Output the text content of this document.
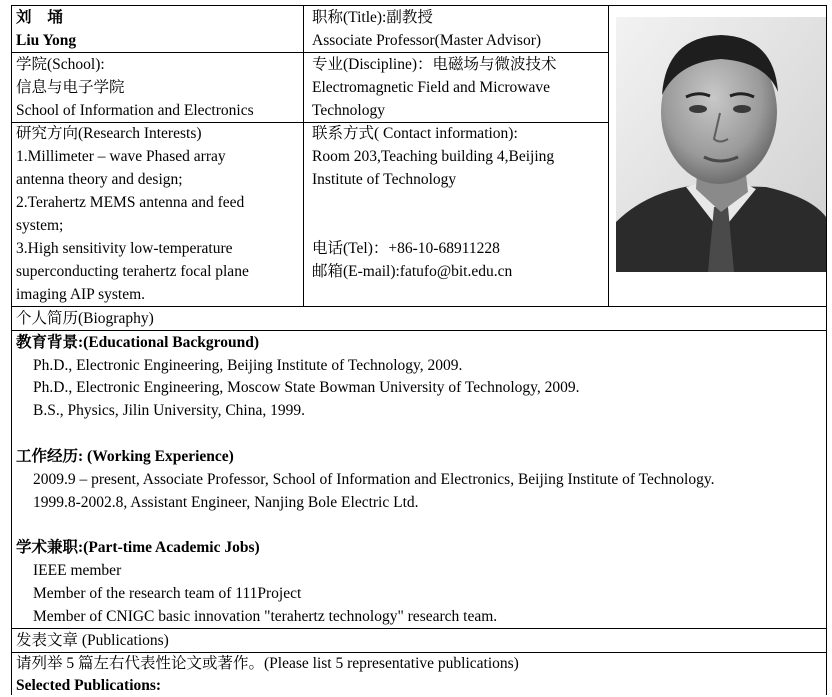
刘 埇
Liu Yong
职称(Title):副教授
Associate Professor(Master Advisor)
学院(School):
信息与电子学院
School of Information and Electronics
专业(Discipline)：电磁场与微波技术
Electromagnetic Field and Microwave
Technology
研究方向(Research Interests)
1.Millimeter – wave Phased array
antenna theory and design;
2.Terahertz MEMS antenna and feed
system;
3.High sensitivity low-temperature
superconducting terahertz focal plane
imaging AIP system.
联系方式( Contact information):
Room 203,Teaching building 4,Beijing
Institute of Technology
电话(Tel)：+86-10-68911228
邮箱(E-mail):fatufo@bit.edu.cn
个人简历(Biography)
教育背景:(Educational Background)
Ph.D., Electronic Engineering, Beijing Institute of Technology, 2009.
Ph.D., Electronic Engineering, Moscow State Bowman University of Technology, 2009.
B.S., Physics, Jilin University, China, 1999.
工作经历: (Working Experience)
2009.9 – present, Associate Professor, School of Information and Electronics, Beijing Institute of Technology.
1999.8-2002.8, Assistant Engineer, Nanjing Bole Electric Ltd.
学术兼职:(Part-time Academic Jobs)
IEEE member
Member of the research team of 111Project
Member of CNIGC basic innovation "terahertz technology" research team.
发表文章 (Publications)
请列举 5 篇左右代表性论文或著作。(Please list 5 representative publications)
Selected Publications:
